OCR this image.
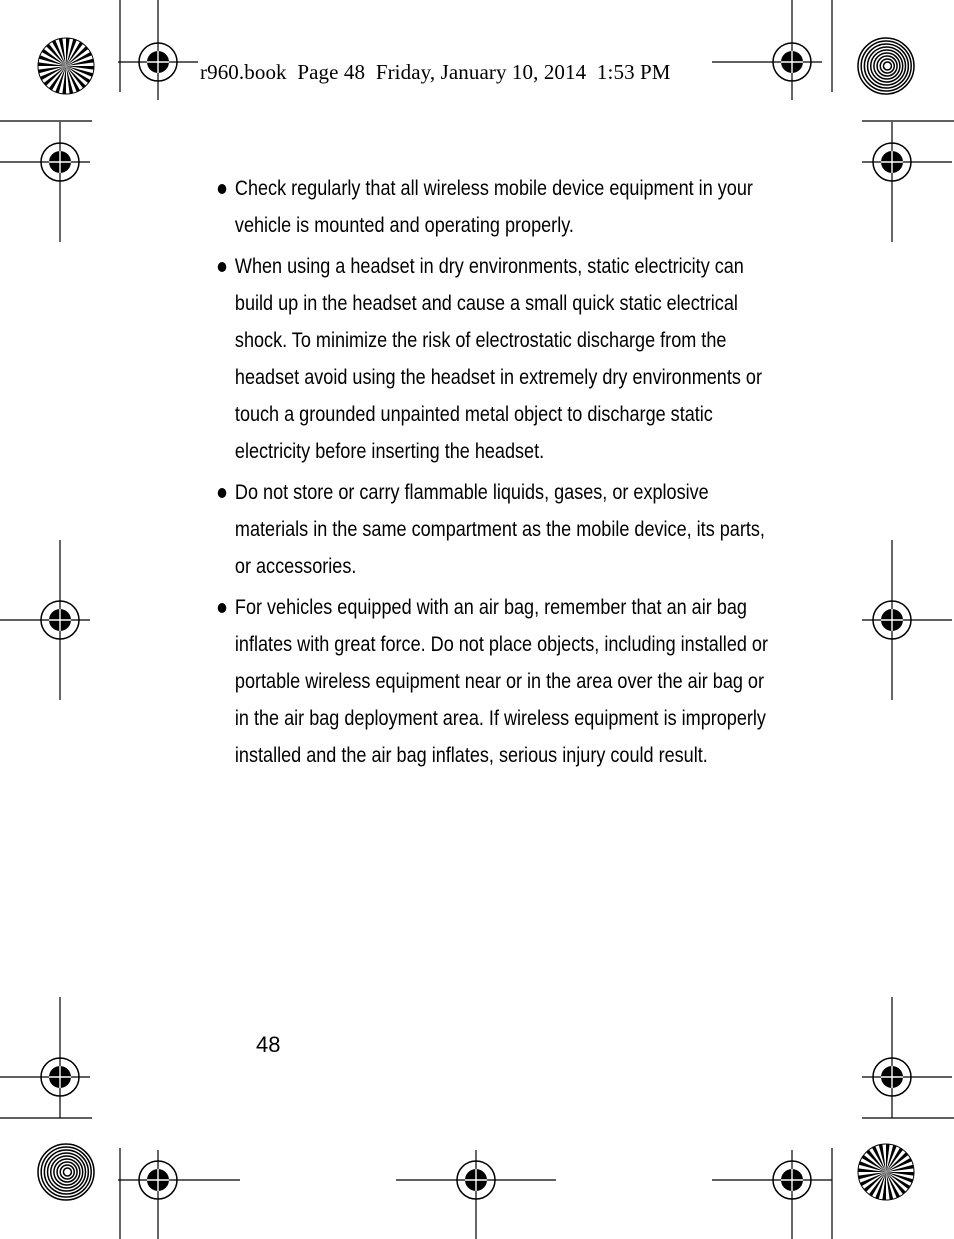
r960.book  Page 48  Friday, January 10, 2014  1:53 PM

Check regularly that all wireless mobile device equipment in your vehicle is mounted and operating properly.

When using a headset in dry environments, static electricity can build up in the headset and cause a small quick static electrical shock. To minimize the risk of electrostatic discharge from the headset avoid using the headset in extremely dry environments or touch a grounded unpainted metal object to discharge static electricity before inserting the headset.

Do not store or carry flammable liquids, gases, or explosive materials in the same compartment as the mobile device, its parts, or accessories.

For vehicles equipped with an air bag, remember that an air bag inflates with great force. Do not place objects, including installed or portable wireless equipment near or in the area over the air bag or in the air bag deployment area. If wireless equipment is improperly installed and the air bag inflates, serious injury could result.

48
